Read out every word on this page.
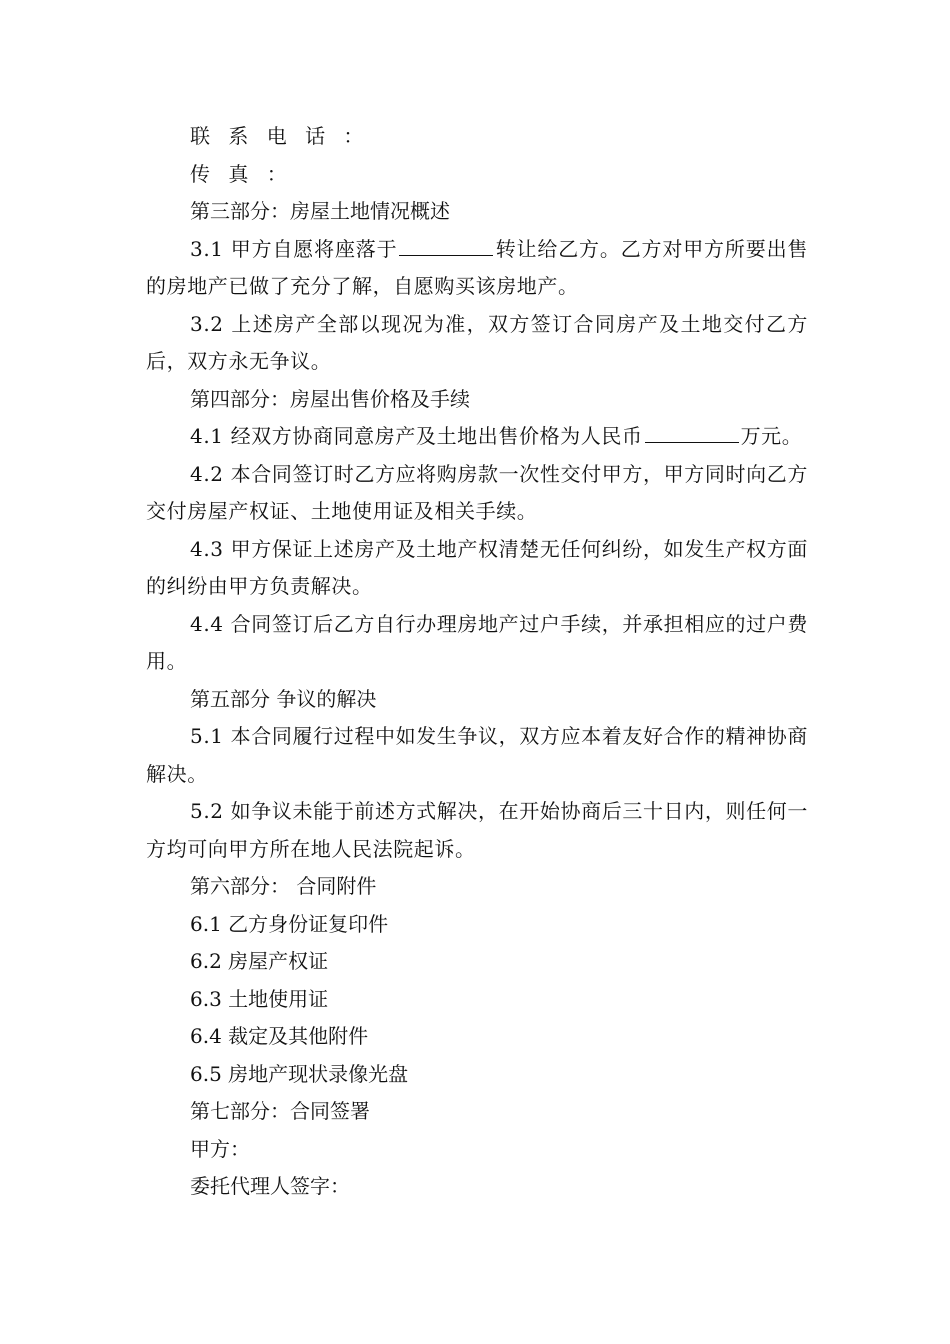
联 系 电 话 ：
传 真 ：
第三部分：房屋土地情况概述
3.1 甲方自愿将座落于	转让给乙方。乙方对甲方所要出售的房地产已做了充分了解，自愿购买该房地产。
3.2 上述房产全部以现况为准，双方签订合同房产及土地交付乙方后，双方永无争议。
第四部分：房屋出售价格及手续
4.1 经双方协商同意房产及土地出售价格为人民币	万元。
4.2 本合同签订时乙方应将购房款一次性交付甲方，甲方同时向乙方交付房屋产权证、土地使用证及相关手续。
4.3 甲方保证上述房产及土地产权清楚无任何纠纷，如发生产权方面的纠纷由甲方负责解决。
4.4 合同签订后乙方自行办理房地产过户手续，并承担相应的过户费用。
第五部分 争议的解决
5.1 本合同履行过程中如发生争议，双方应本着友好合作的精神协商解决。
5.2 如争议未能于前述方式解决，在开始协商后三十日内，则任何一方均可向甲方所在地人民法院起诉。
第六部分： 合同附件
6.1 乙方身份证复印件
6.2 房屋产权证
6.3 土地使用证
6.4 裁定及其他附件
6.5 房地产现状录像光盘
第七部分：合同签署
甲方：
委托代理人签字：
